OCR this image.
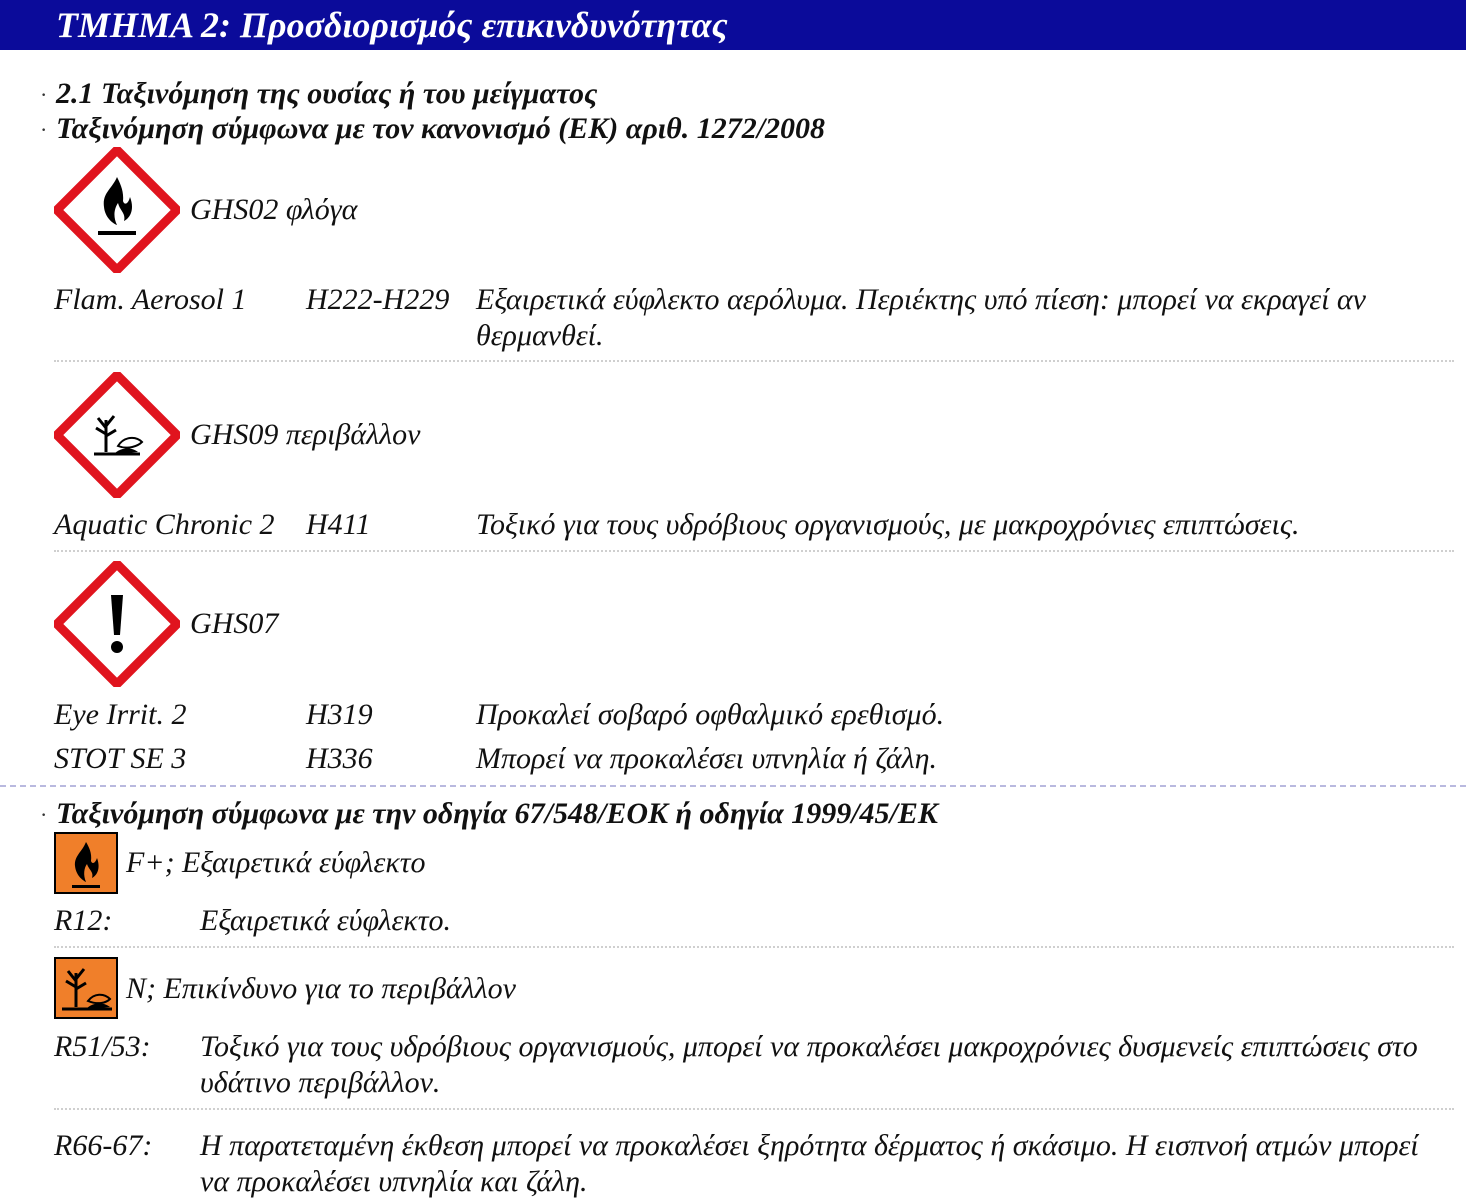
ΤΜΗΜΑ 2: Προσδιορισμός επικινδυνότητας
· 2.1 Ταξινόμηση της ουσίας ή του μείγματος
· Ταξινόμηση σύμφωνα με τον κανονισμό (ΕΚ) αριθ. 1272/2008
GHS02 φλόγα
Flam. Aerosol 1 H222-H229 Εξαιρετικά εύφλεκτο αερόλυμα. Περιέκτης υπό πίεση: μπορεί να εκραγεί αν θερμανθεί.
GHS09 περιβάλλον
Aquatic Chronic 2 H411	Τοξικό για τους υδρόβιους οργανισμούς, με μακροχρόνιες επιπτώσεις.
GHS07
Eye Irrit. 2	H319	Προκαλεί σοβαρό οφθαλμικό ερεθισμό.
STOT SE 3	H336	Μπορεί να προκαλέσει υπνηλία ή ζάλη.
· Ταξινόμηση σύμφωνα με την οδηγία 67/548/ΕΟΚ ή οδηγία 1999/45/ΕΚ
F+; Εξαιρετικά εύφλεκτο
R12:	Εξαιρετικά εύφλεκτο.
N; Επικίνδυνο για το περιβάλλον
R51/53: Τοξικό για τους υδρόβιους οργανισμούς, μπορεί να προκαλέσει μακροχρόνιες δυσμενείς επιπτώσεις στο υδάτινο περιβάλλον.
R66-67: Η παρατεταμένη έκθεση μπορεί να προκαλέσει ξηρότητα δέρματος ή σκάσιμο. Η εισπνοή ατμών μπορεί να προκαλέσει υπνηλία και ζάλη.
